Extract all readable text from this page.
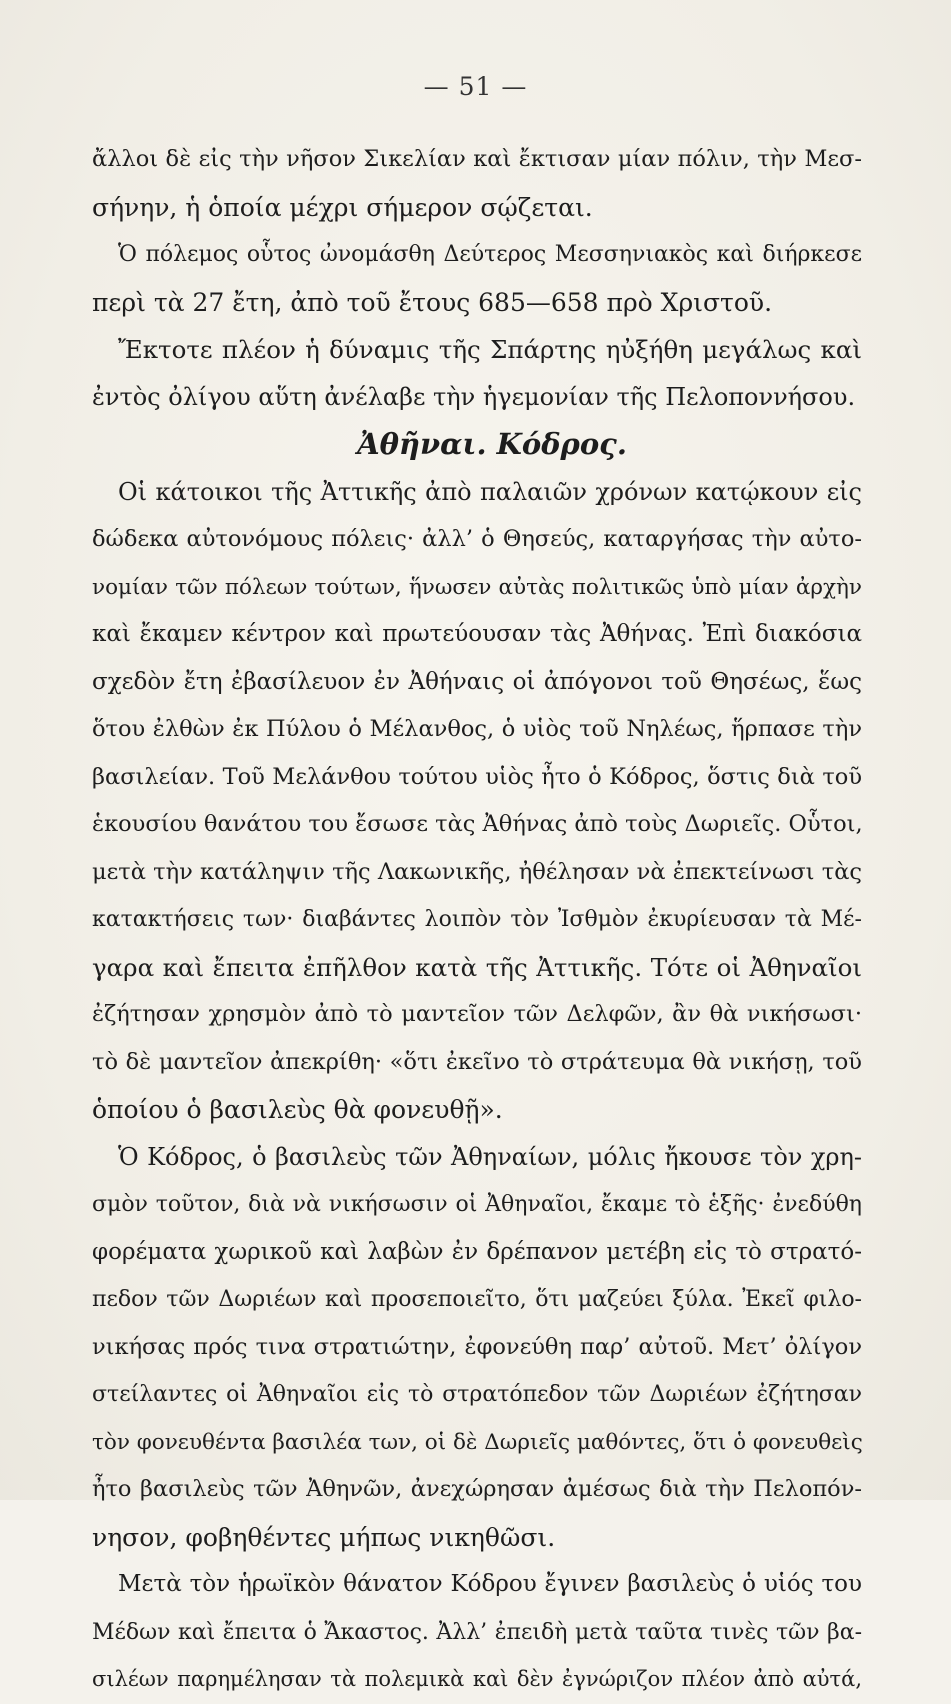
— 51 —
ἄλλοι δὲ εἰς τὴν νῆσον Σικελίαν καὶ ἔκτισαν μίαν πόλιν, τὴν Μεσ-
σήνην, ἡ ὁποία μέχρι σήμερον σῴζεται.
Ὁ πόλεμος οὗτος ὠνομάσθη Δεύτερος Μεσσηνιακὸς καὶ διήρκεσε
περὶ τὰ 27 ἔτη, ἀπὸ τοῦ ἔτους 685—658 πρὸ Χριστοῦ.
Ἔκτοτε πλέον ἡ δύναμις τῆς Σπάρτης ηὐξήθη μεγάλως καὶ
ἐντὸς ὀλίγου αὕτη ἀνέλαβε τὴν ἡγεμονίαν τῆς Πελοποννήσου.
Ἀθῆναι. Κόδρος.
Οἱ κάτοικοι τῆς Ἀττικῆς ἀπὸ παλαιῶν χρόνων κατῴκουν εἰς
δώδεκα αὐτονόμους πόλεις· ἀλλ’ ὁ Θησεύς, καταργήσας τὴν αὐτο-
νομίαν τῶν πόλεων τούτων, ἥνωσεν αὐτὰς πολιτικῶς ὑπὸ μίαν ἀρχὴν
καὶ ἔκαμεν κέντρον καὶ πρωτεύουσαν τὰς Ἀθήνας. Ἐπὶ διακόσια
σχεδὸν ἔτη ἐβασίλευον ἐν Ἀθήναις οἱ ἀπόγονοι τοῦ Θησέως, ἕως
ὅτου ἐλθὼν ἐκ Πύλου ὁ Μέλανθος, ὁ υἱὸς τοῦ Νηλέως, ἥρπασε τὴν
βασιλείαν. Τοῦ Μελάνθου τούτου υἱὸς ἦτο ὁ Κόδρος, ὅστις διὰ τοῦ
ἑκουσίου θανάτου του ἔσωσε τὰς Ἀθήνας ἀπὸ τοὺς Δωριεῖς. Οὗτοι,
μετὰ τὴν κατάληψιν τῆς Λακωνικῆς, ἠθέλησαν νὰ ἐπεκτείνωσι τὰς
κατακτήσεις των· διαβάντες λοιπὸν τὸν Ἰσθμὸν ἐκυρίευσαν τὰ Μέ-
γαρα καὶ ἔπειτα ἐπῆλθον κατὰ τῆς Ἀττικῆς. Τότε οἱ Ἀθηναῖοι
ἐζήτησαν χρησμὸν ἀπὸ τὸ μαντεῖον τῶν Δελφῶν, ἂν θὰ νικήσωσι·
τὸ δὲ μαντεῖον ἀπεκρίθη· «ὅτι ἐκεῖνο τὸ στράτευμα θὰ νικήσῃ, τοῦ
ὁποίου ὁ βασιλεὺς θὰ φονευθῇ».
Ὁ Κόδρος, ὁ βασιλεὺς τῶν Ἀθηναίων, μόλις ἤκουσε τὸν χρη-
σμὸν τοῦτον, διὰ νὰ νικήσωσιν οἱ Ἀθηναῖοι, ἔκαμε τὸ ἑξῆς· ἐνεδύθη
φορέματα χωρικοῦ καὶ λαβὼν ἐν δρέπανον μετέβη εἰς τὸ στρατό-
πεδον τῶν Δωριέων καὶ προσεποιεῖτο, ὅτι μαζεύει ξύλα. Ἐκεῖ φιλο-
νικήσας πρός τινα στρατιώτην, ἐφονεύθη παρ’ αὐτοῦ. Μετ’ ὀλίγον
στείλαντες οἱ Ἀθηναῖοι εἰς τὸ στρατόπεδον τῶν Δωριέων ἐζήτησαν
τὸν φονευθέντα βασιλέα των, οἱ δὲ Δωριεῖς μαθόντες, ὅτι ὁ φονευθεὶς
ἦτο βασιλεὺς τῶν Ἀθηνῶν, ἀνεχώρησαν ἀμέσως διὰ τὴν Πελοπόν-
νησον, φοβηθέντες μήπως νικηθῶσι.
Μετὰ τὸν ἡρωϊκὸν θάνατον Κόδρου ἔγινεν βασιλεὺς ὁ υἱός του
Μέδων καὶ ἔπειτα ὁ Ἄκαστος. Ἀλλ’ ἐπειδὴ μετὰ ταῦτα τινὲς τῶν βα-
σιλέων παρημέλησαν τὰ πολεμικὰ καὶ δὲν ἐγνώριζον πλέον ἀπὸ αὐτά,
